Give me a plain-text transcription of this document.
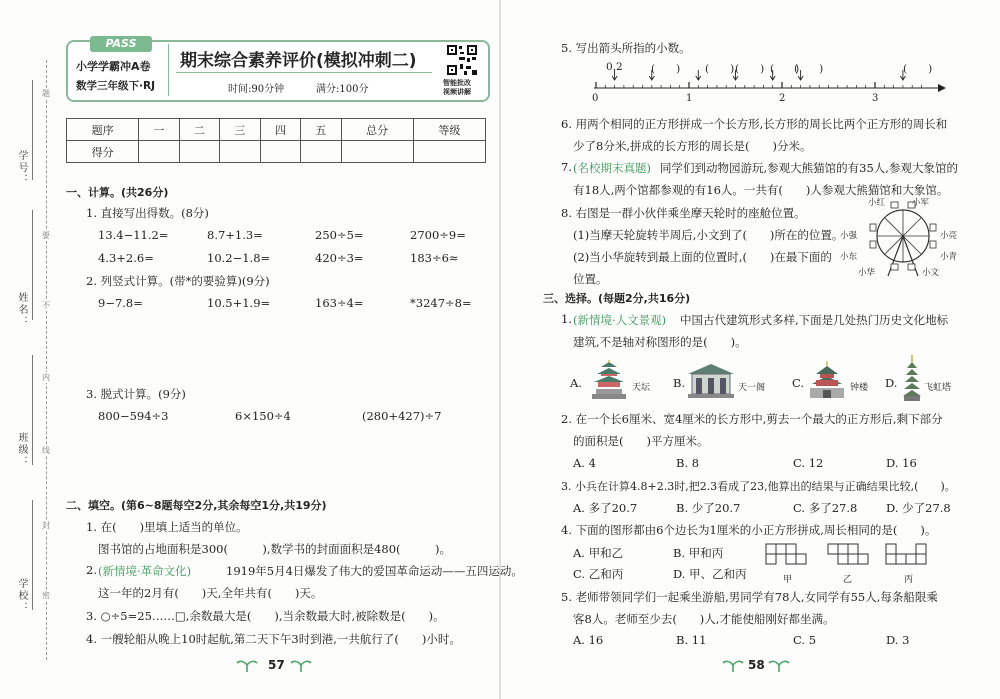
题
要
不
内
线
封
密
学号：
姓名：
班级：
学校：
PASS
小学学霸冲A卷
数学三年级下·RJ
期末综合素养评价(模拟冲刺二)
时间:90分钟	满分:100分
智能批改
视频讲解
题序	一	二	三	四	五	总分	等级
得分							
一、计算。(共26分)
1. 直接写出得数。(8分)
13.4−11.2=	8.7+1.3=	250÷5=	2700÷9=
4.3+2.6=	10.2−1.8=	420÷3=	183÷6≈
2. 列竖式计算。(带*的要验算)(9分)
9−7.8=	10.5+1.9=	163÷4=	*3247÷8=
3. 脱式计算。(9分)
800−594÷3	6×150÷4	(280+427)÷7
二、填空。(第6~8题每空2分,其余每空1分,共19分)
1. 在(　　)里填上适当的单位。
图书馆的占地面积是300(　　　),数学书的封面面积是480(　　　)。
2. (新情境·革命文化)	1919年5月4日爆发了伟大的爱国革命运动——五四运动。
这一年的2月有(　　)天,全年共有(　　)天。
3. ○÷5=25……□,余数最大是(　　),当余数最大时,被除数是(　　)。
4. 一艘轮船从晚上10时起航,第二天下午3时到港,一共航行了(　　)小时。
57
5. 写出箭头所指的小数。
0.2	(　　) (　　) (　　) (　　)
(　　)	(　　)
0	1	2	3
6. 用两个相同的正方形拼成一个长方形,长方形的周长比两个正方形的周长和
少了8分米,拼成的长方形的周长是(　　)分米。
7. (名校期末真题) 同学们到动物园游玩,参观大熊猫馆的有35人,参观大象馆的
有18人,两个馆都参观的有16人。一共有(　　)人参观大熊猫馆和大象馆。
8. 右图是一群小伙伴乘坐摩天轮时的座舱位置。
(1)当摩天轮旋转半周后,小文到了(　　)所在的位置。
(2)当小华旋转到最上面的位置时,(　　)在最下面的
位置。
小红	小军
小强	小亮
小东	小青
小华	小文
三、选择。(每题2分,共16分)
1. (新情境·人文景观) 中国古代建筑形式多样,下面是几处热门历史文化地标
建筑,不是轴对称图形的是(　　)。
A.	天坛 B.	天一阁 C.	钟楼 D.	飞虹塔
2. 在一个长6厘米、宽4厘米的长方形中,剪去一个最大的正方形后,剩下部分
的面积是(　　)平方厘米。
A. 4	B. 8	C. 12	D. 16
3. 小兵在计算4.8+2.3时,把2.3看成了23,他算出的结果与正确结果比较,(　　)。
A. 多了20.7	B. 少了20.7	C. 多了27.8 D. 少了27.8
4. 下面的图形都由6个边长为1厘米的小正方形拼成,周长相同的是(　　)。
A. 甲和乙	B. 甲和丙
C. 乙和丙	D. 甲、乙和丙	甲	乙	丙
5. 老师带领同学们一起乘坐游船,男同学有78人,女同学有55人,每条船限乘
客8人。老师至少去(　　)人,才能使船刚好都坐满。
A. 16	B. 11	C. 5	D. 3
58
